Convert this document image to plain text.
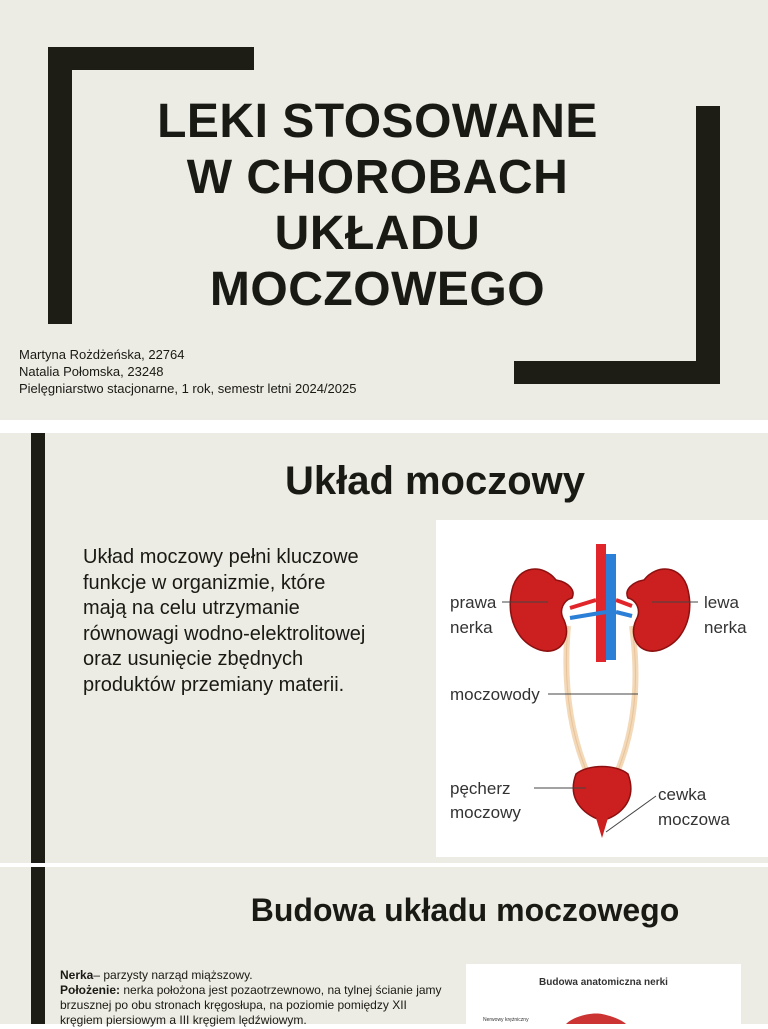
LEKI STOSOWANE
W CHOROBACH
UKŁADU
MOCZOWEGO
Martyna Rożdżeńska, 22764
Natalia Połomska, 23248
Pielęgniarstwo stacjonarne, 1 rok, semestr letni 2024/2025
Układ moczowy

Układ moczowy pełni kluczowe funkcje w organizmie, które mają na celu utrzymanie równowagi wodno-elektrolitowej oraz usunięcie zbędnych produktów przemiany materii.

prawa
nerka
lewa
nerka
moczowody
pęcherz
moczowy
cewka
moczowa
Budowa układu moczowego

Nerka– parzysty narząd miąższowy.

Położenie: nerka położona jest pozaotrzewnowo, na tylnej ścianie jamy brzusznej po obu stronach kręgosłupa, na poziomie pomiędzy XII kręgiem piersiowym a III kręgiem lędźwiowym.

Budowa anatomiczna nerki
Nerwowy krężniczny
